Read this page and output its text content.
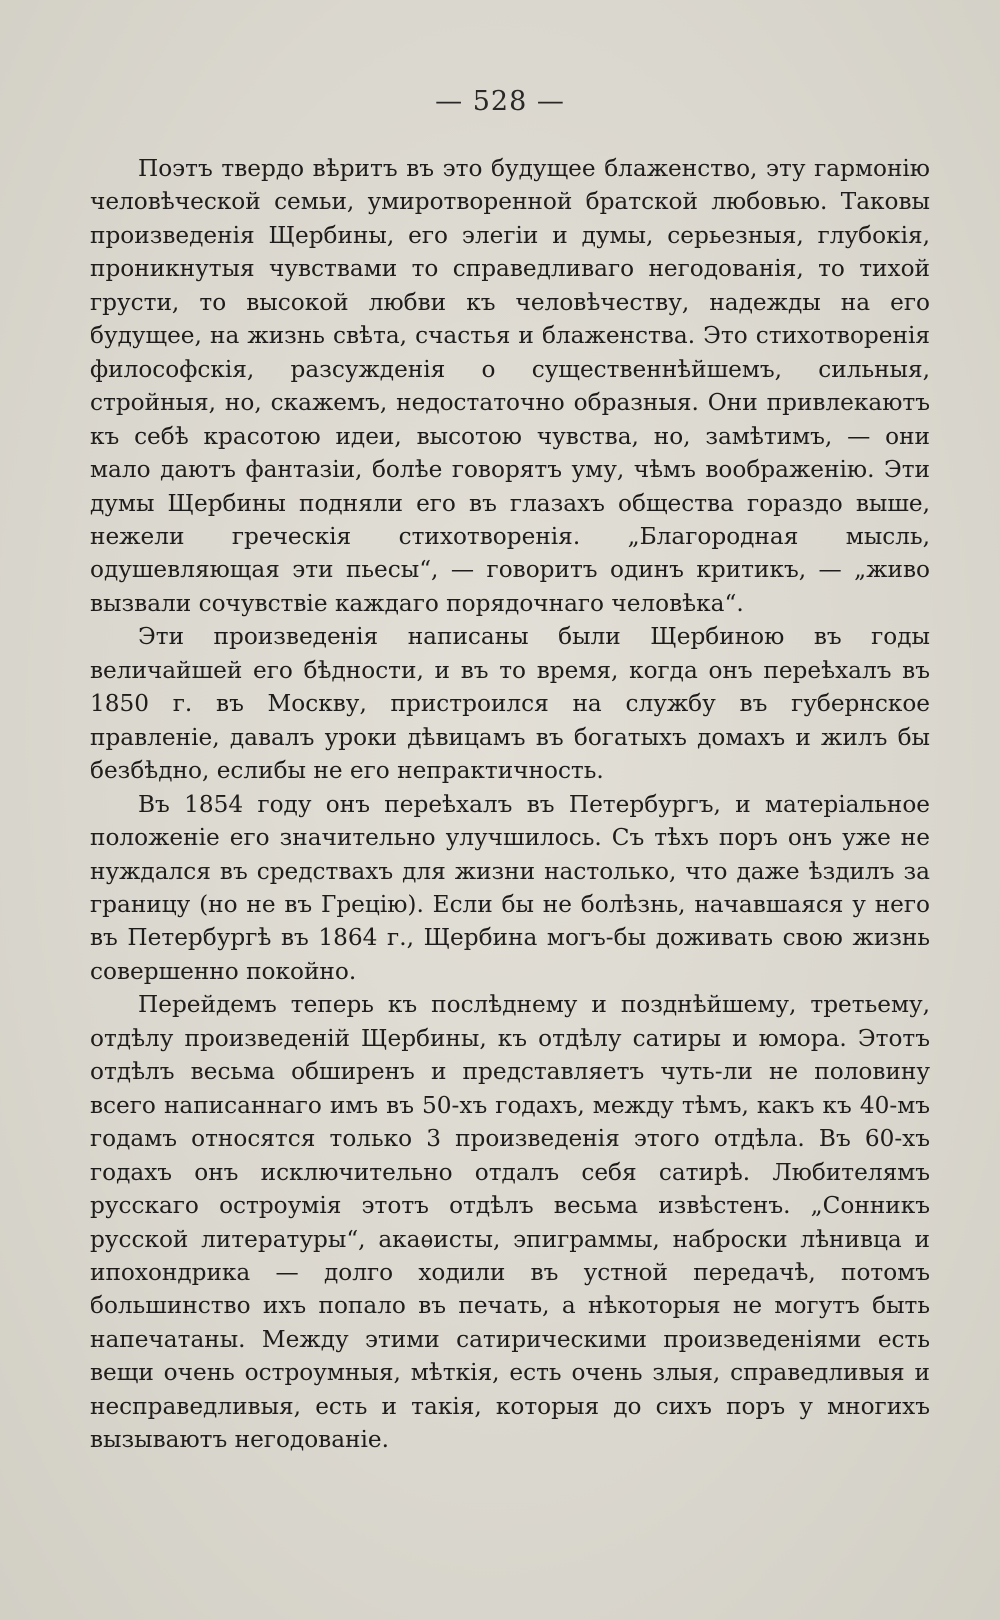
— 528 —

Поэтъ твердо вѣритъ въ это будущее блаженство, эту гармонію человѣческой семьи, умиротворенной братской любовью. Таковы произведенія Щербины, его элегіи и думы, серьезныя, глубокія, проникнутыя чувствами то справедливаго негодованія, то тихой грусти, то высокой любви къ человѣчеству, надежды на его будущее, на жизнь свѣта, счастья и блаженства. Это стихотворенія философскія, разсужденія о существеннѣйшемъ, сильныя, стройныя, но, скажемъ, недостаточно образныя. Они привлекаютъ къ себѣ красотою идеи, высотою чувства, но, замѣтимъ, — они мало даютъ фантазіи, болѣе говорятъ уму, чѣмъ воображенію. Эти думы Щербины подняли его въ глазахъ общества гораздо выше, нежели греческія стихотворенія. „Благородная мысль, одушевляющая эти пьесы“, — говоритъ одинъ критикъ, — „живо вызвали сочувствіе каждаго порядочнаго человѣка“.

Эти произведенія написаны были Щербиною въ годы величайшей его бѣдности, и въ то время, когда онъ переѣхалъ въ 1850 г. въ Москву, пристроился на службу въ губернское правленіе, давалъ уроки дѣвицамъ въ богатыхъ домахъ и жилъ бы безбѣдно, еслибы не его непрактичность.

Въ 1854 году онъ переѣхалъ въ Петербургъ, и матеріальное положеніе его значительно улучшилось. Съ тѣхъ поръ онъ уже не нуждался въ средствахъ для жизни настолько, что даже ѣздилъ за границу (но не въ Грецію). Если бы не болѣзнь, начавшаяся у него въ Петербургѣ въ 1864 г., Щербина могъ-бы доживать свою жизнь совершенно покойно.

Перейдемъ теперь къ послѣднему и позднѣйшему, третьему, отдѣлу произведеній Щербины, къ отдѣлу сатиры и юмора. Этотъ отдѣлъ весьма обширенъ и представляетъ чуть-ли не половину всего написаннаго имъ въ 50-хъ годахъ, между тѣмъ, какъ къ 40-мъ годамъ относятся только 3 произведенія этого отдѣла. Въ 60-хъ годахъ онъ исключительно отдалъ себя сатирѣ. Любителямъ русскаго остроумія этотъ отдѣлъ весьма извѣстенъ. „Сонникъ русской литературы“, акаѳисты, эпиграммы, наброски лѣнивца и ипохондрика — долго ходили въ устной передачѣ, потомъ большинство ихъ попало въ печать, а нѣкоторыя не могутъ быть напечатаны. Между этими сатирическими произведеніями есть вещи очень остроумныя, мѣткія, есть очень злыя, справедливыя и несправедливыя, есть и такія, которыя до сихъ поръ у многихъ вызываютъ негодованіе.
